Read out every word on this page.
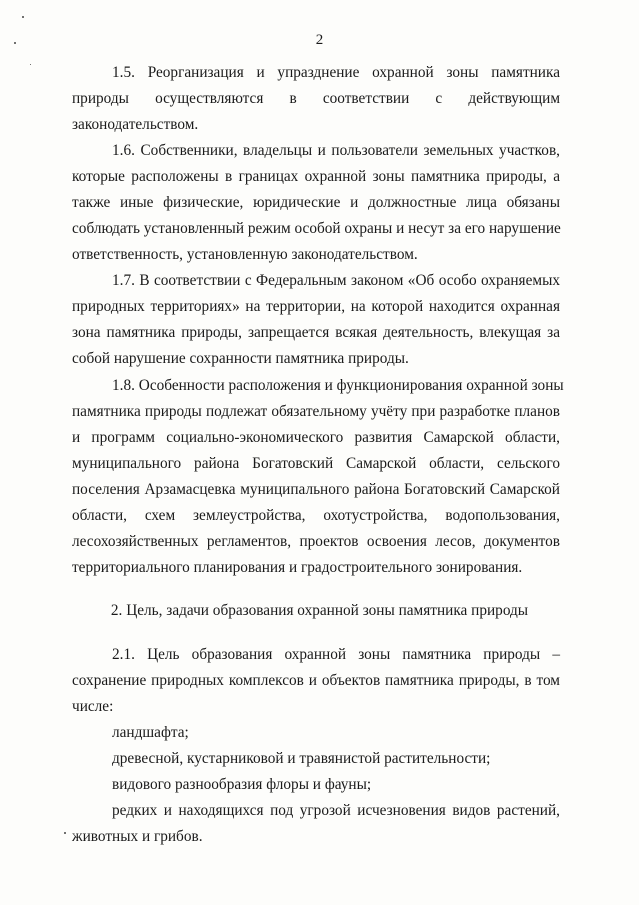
2
1.5. Реорганизация и упразднение охранной зоны памятника
природы осуществляются в соответствии с действующим
законодательством.
1.6. Собственники, владельцы и пользователи земельных участков,
которые расположены в границах охранной зоны памятника природы, а
также иные физические, юридические и должностные лица обязаны
соблюдать установленный режим особой охраны и несут за его нарушение
ответственность, установленную законодательством.
1.7. В соответствии с Федеральным законом «Об особо охраняемых
природных территориях» на территории, на которой находится охранная
зона памятника природы, запрещается всякая деятельность, влекущая за
собой нарушение сохранности памятника природы.
1.8. Особенности расположения и функционирования охранной зоны
памятника природы подлежат обязательному учёту при разработке планов
и программ социально-экономического развития Самарской области,
муниципального района Богатовский Самарской области, сельского
поселения Арзамасцевка муниципального района Богатовский Самарской
области, схем землеустройства, охотустройства, водопользования,
лесохозяйственных регламентов, проектов освоения лесов, документов
территориального планирования и градостроительного зонирования.
2. Цель, задачи образования охранной зоны памятника природы
2.1. Цель образования охранной зоны памятника природы –
сохранение природных комплексов и объектов памятника природы, в том
числе:
ландшафта;
древесной, кустарниковой и травянистой растительности;
видового разнообразия флоры и фауны;
редких и находящихся под угрозой исчезновения видов растений,
животных и грибов.
